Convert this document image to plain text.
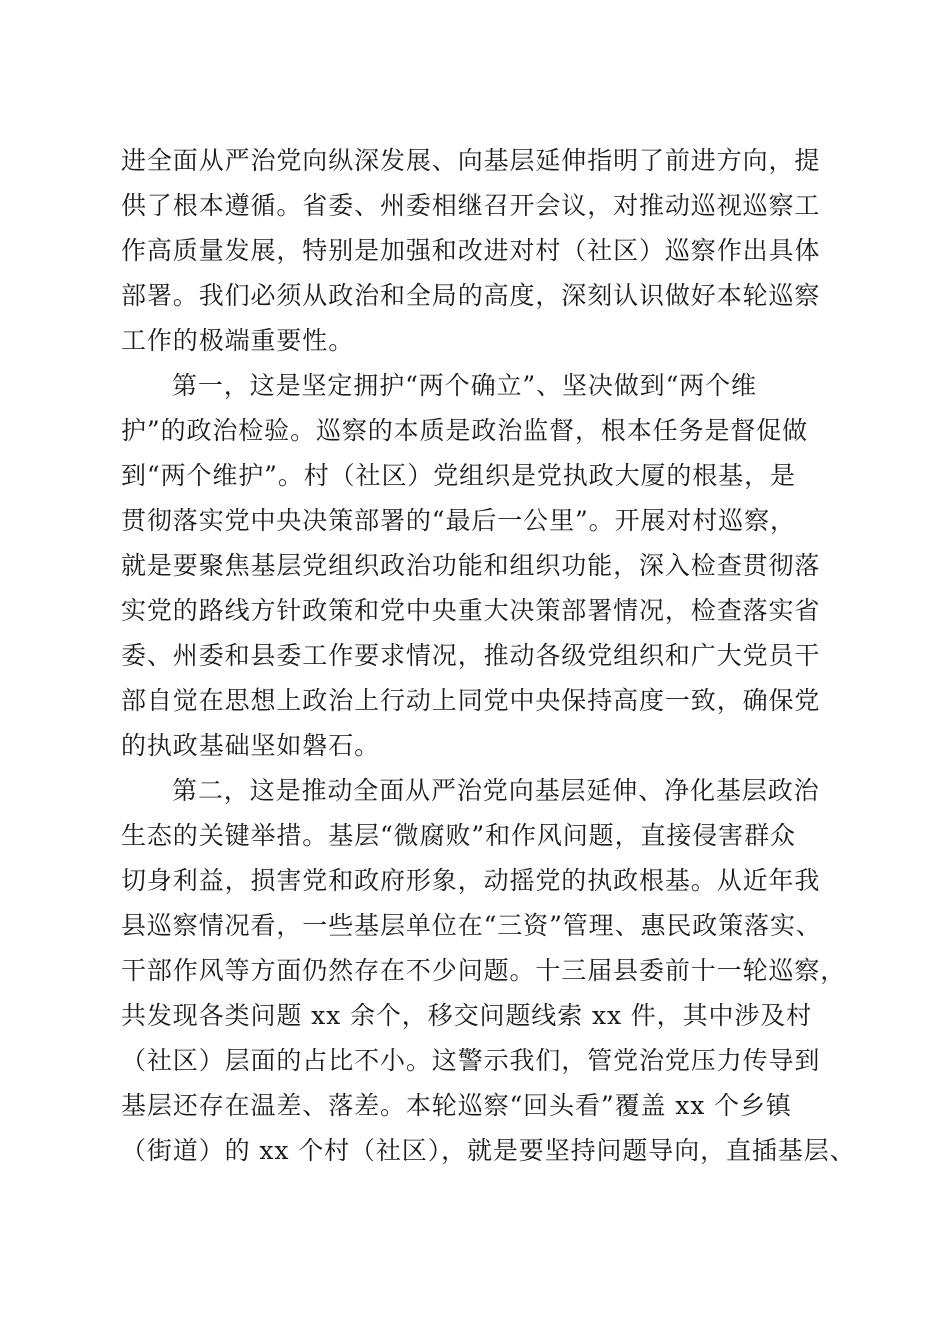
进全面从严治党向纵深发展、向基层延伸指明了前进方向，提
供了根本遵循。省委、州委相继召开会议，对推动巡视巡察工
作高质量发展，特别是加强和改进对村（社区）巡察作出具体
部署。我们必须从政治和全局的高度，深刻认识做好本轮巡察
工作的极端重要性。
第一，这是坚定拥护“两个确立”、坚决做到“两个维
护”的政治检验。巡察的本质是政治监督，根本任务是督促做
到“两个维护”。村（社区）党组织是党执政大厦的根基，是
贯彻落实党中央决策部署的“最后一公里”。开展对村巡察，
就是要聚焦基层党组织政治功能和组织功能，深入检查贯彻落
实党的路线方针政策和党中央重大决策部署情况，检查落实省
委、州委和县委工作要求情况，推动各级党组织和广大党员干
部自觉在思想上政治上行动上同党中央保持高度一致，确保党
的执政基础坚如磐石。
第二，这是推动全面从严治党向基层延伸、净化基层政治
生态的关键举措。基层“微腐败”和作风问题，直接侵害群众
切身利益，损害党和政府形象，动摇党的执政根基。从近年我
县巡察情况看，一些基层单位在“三资”管理、惠民政策落实、
干部作风等方面仍然存在不少问题。十三届县委前十一轮巡察，
共发现各类问题 xx 余个，移交问题线索 xx 件，其中涉及村
（社区）层面的占比不小。这警示我们，管党治党压力传导到
基层还存在温差、落差。本轮巡察“回头看”覆盖 xx 个乡镇
（街道）的 xx 个村（社区），就是要坚持问题导向，直插基层、
